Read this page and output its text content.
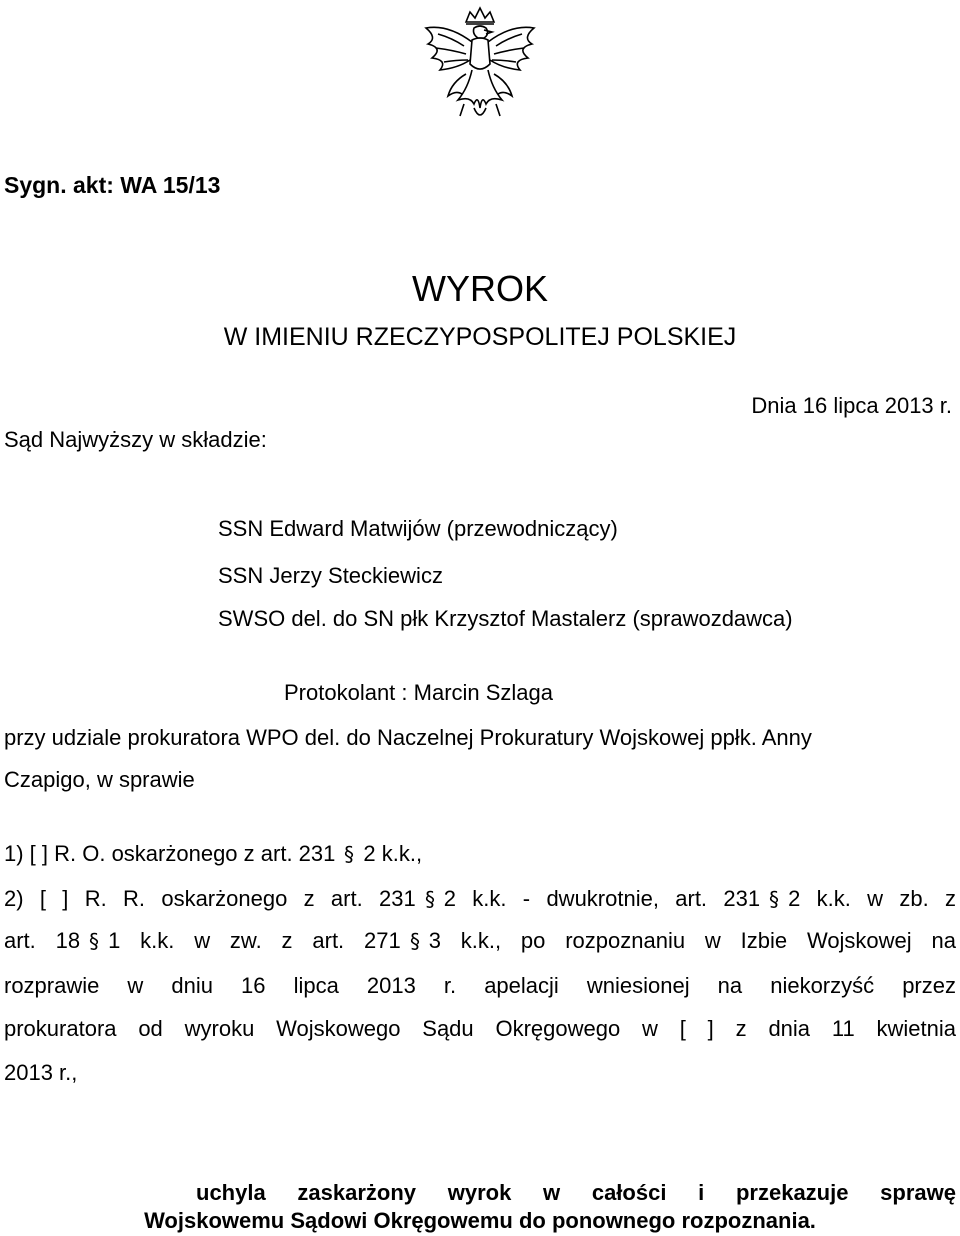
Sygn. akt: WA 15/13
WYROK
W IMIENIU RZECZYPOSPOLITEJ POLSKIEJ
Dnia 16 lipca 2013 r.
Sąd Najwyższy w składzie:
SSN Edward Matwijów (przewodniczący)
SSN Jerzy Steckiewicz
SWSO del. do SN płk Krzysztof Mastalerz (sprawozdawca)
Protokolant : Marcin Szlaga
przy udziale prokuratora WPO del. do Naczelnej Prokuratury Wojskowej ppłk. Anny
Czapigo, w sprawie
1) [ ] R. O. oskarżonego z art. 231 § 2 k.k.,
2) [ ] R. R. oskarżonego z art. 231 § 2 k.k. - dwukrotnie, art. 231 § 2 k.k. w zb. z
art. 18 § 1 k.k. w zw. z art. 271 § 3 k.k., po rozpoznaniu w Izbie Wojskowej na
rozprawie w dniu 16 lipca 2013 r. apelacji wniesionej na niekorzyść przez
prokuratora od wyroku Wojskowego Sądu Okręgowego w [ ] z dnia 11 kwietnia
2013 r.,
uchyla zaskarżony wyrok w całości i przekazuje sprawę
Wojskowemu Sądowi Okręgowemu do ponownego rozpoznania.
